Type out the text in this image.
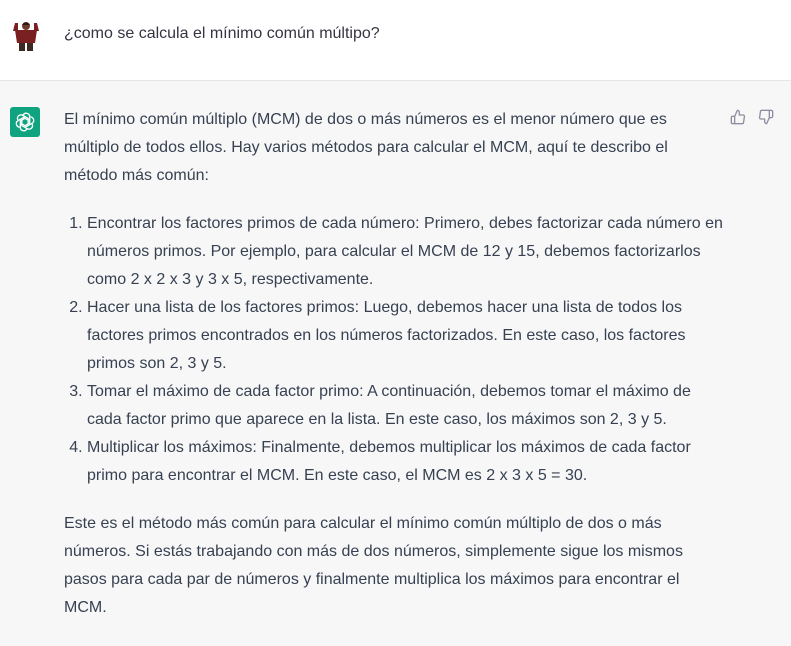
¿como se calcula el mínimo común múltipo?

El mínimo común múltiplo (MCM) de dos o más números es el menor número que es múltiplo de todos ellos. Hay varios métodos para calcular el MCM, aquí te describo el método más común:

1. Encontrar los factores primos de cada número: Primero, debes factorizar cada número en números primos. Por ejemplo, para calcular el MCM de 12 y 15, debemos factorizarlos como 2 x 2 x 3 y 3 x 5, respectivamente.
2. Hacer una lista de los factores primos: Luego, debemos hacer una lista de todos los factores primos encontrados en los números factorizados. En este caso, los factores primos son 2, 3 y 5.
3. Tomar el máximo de cada factor primo: A continuación, debemos tomar el máximo de cada factor primo que aparece en la lista. En este caso, los máximos son 2, 3 y 5.
4. Multiplicar los máximos: Finalmente, debemos multiplicar los máximos de cada factor primo para encontrar el MCM. En este caso, el MCM es 2 x 3 x 5 = 30.

Este es el método más común para calcular el mínimo común múltiplo de dos o más números. Si estás trabajando con más de dos números, simplemente sigue los mismos pasos para cada par de números y finalmente multiplica los máximos para encontrar el MCM.
